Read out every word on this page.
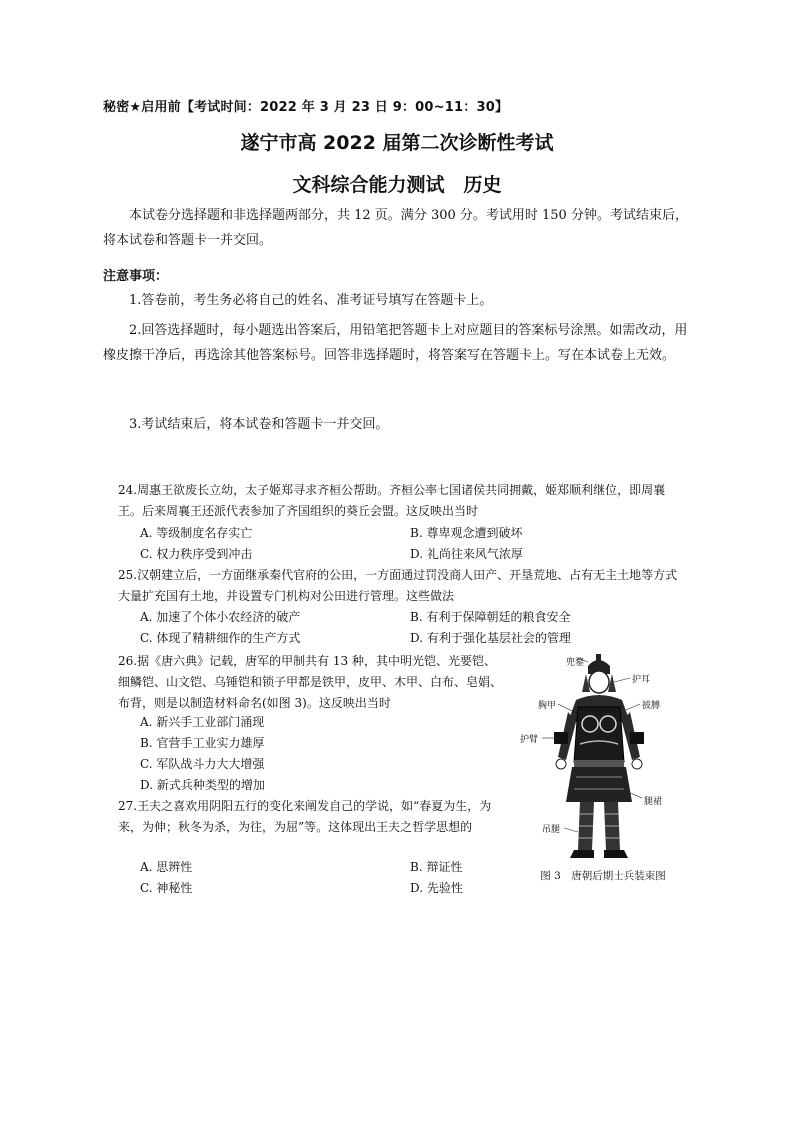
秘密★启用前【考试时间：2022 年 3 月 23 日 9：00~11：30】
遂宁市高 2022 届第二次诊断性考试
文科综合能力测试　历史
本试卷分选择题和非选择题两部分，共 12 页。满分 300 分。考试用时 150 分钟。考试结束后，将本试卷和答题卡一并交回。
注意事项：
1.答卷前，考生务必将自己的姓名、准考证号填写在答题卡上。
2.回答选择题时，每小题选出答案后，用铅笔把答题卡上对应题目的答案标号涂黑。如需改动，用橡皮擦干净后，再选涂其他答案标号。回答非选择题时，将答案写在答题卡上。写在本试卷上无效。
3.考试结束后，将本试卷和答题卡一并交回。
24.周惠王欲废长立幼，太子姬郑寻求齐桓公帮助。齐桓公率七国诸侯共同拥戴，姬郑顺利继位，即周襄王。后来周襄王还派代表参加了齐国组织的葵丘会盟。这反映出当时
A. 等级制度名存实亡	B. 尊卑观念遭到破坏
C. 权力秩序受到冲击	D. 礼尚往来风气浓厚
25.汉朝建立后，一方面继承秦代官府的公田，一方面通过罚没商人田产、开垦荒地、占有无主土地等方式大量扩充国有土地，并设置专门机构对公田进行管理。这些做法
A. 加速了个体小农经济的破产	B. 有利于保障朝廷的粮食安全
C. 体现了精耕细作的生产方式	D. 有利于强化基层社会的管理
26.据《唐六典》记载，唐军的甲制共有 13 种，其中明光铠、光要铠、细鳞铠、山文铠、乌锤铠和锁子甲都是铁甲，皮甲、木甲、白布、皂娟、布背，则是以制造材料命名(如图 3)。这反映出当时
A. 新兴手工业部门涌现
B. 官营手工业实力雄厚
C. 军队战斗力大大增强
D. 新式兵种类型的增加
27.王夫之喜欢用阴阳五行的变化来阐发自己的学说，如“春夏为生，为来，为伸；秋冬为杀，为往，为屈”等。这体现出王夫之哲学思想的
A. 思辨性	B. 辩证性
C. 神秘性	D. 先验性
兜鍪
护耳
胸甲	披膊
护臂
腿裙
吊腿
图 3　唐朝后期士兵装束图
